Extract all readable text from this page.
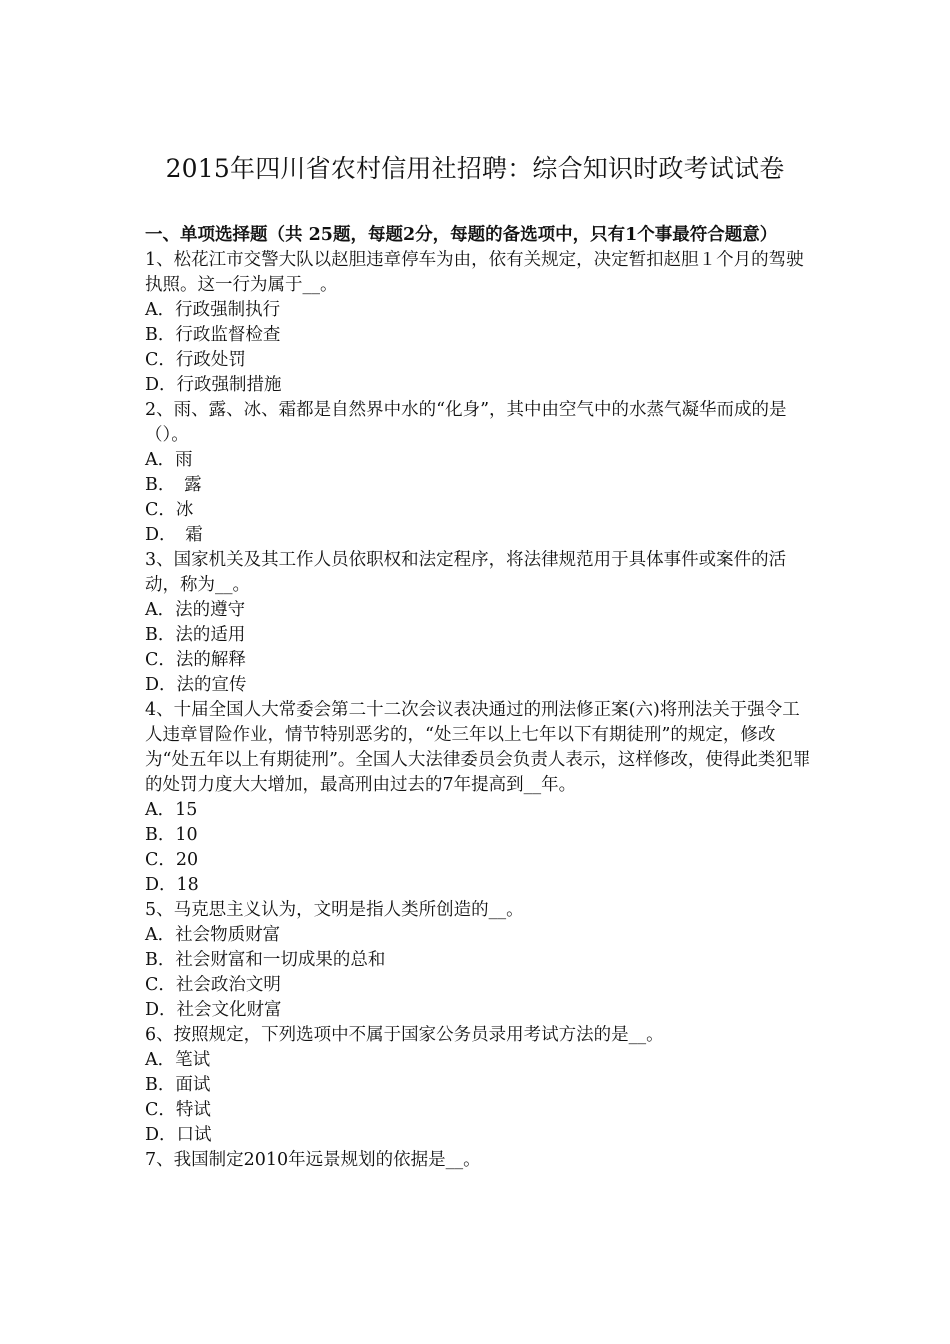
2015年四川省农村信用社招聘：综合知识时政考试试卷

一、单项选择题（共 25题，每题2分，每题的备选项中，只有1个事最符合题意）

1、松花江市交警大队以赵胆违章停车为由，依有关规定，决定暂扣赵胆１个月的驾驶执照。这一行为属于__。

A．行政强制执行

B．行政监督检查

C．行政处罚

D．行政强制措施

2、雨、露、冰、霜都是自然界中水的“化身”，其中由空气中的水蒸气凝华而成的是（）。

A．雨

B．　露

C．冰

D．　霜

3、国家机关及其工作人员依职权和法定程序，将法律规范用于具体事件或案件的活动，称为__。

A．法的遵守

B．法的适用

C．法的解释

D．法的宣传

4、十届全国人大常委会第二十二次会议表决通过的刑法修正案(六)将刑法关于强令工人违章冒险作业，情节特别恶劣的，“处三年以上七年以下有期徒刑”的规定，修改为“处五年以上有期徒刑”。全国人大法律委员会负责人表示，这样修改，使得此类犯罪的处罚力度大大增加，最高刑由过去的7年提高到__年。

A．15

B．10

C．20

D．18

5、马克思主义认为，文明是指人类所创造的__。

A．社会物质财富

B．社会财富和一切成果的总和

C．社会政治文明

D．社会文化财富

6、按照规定，下列选项中不属于国家公务员录用考试方法的是__。

A．笔试

B．面试

C．特试

D．口试

7、我国制定2010年远景规划的依据是__。
